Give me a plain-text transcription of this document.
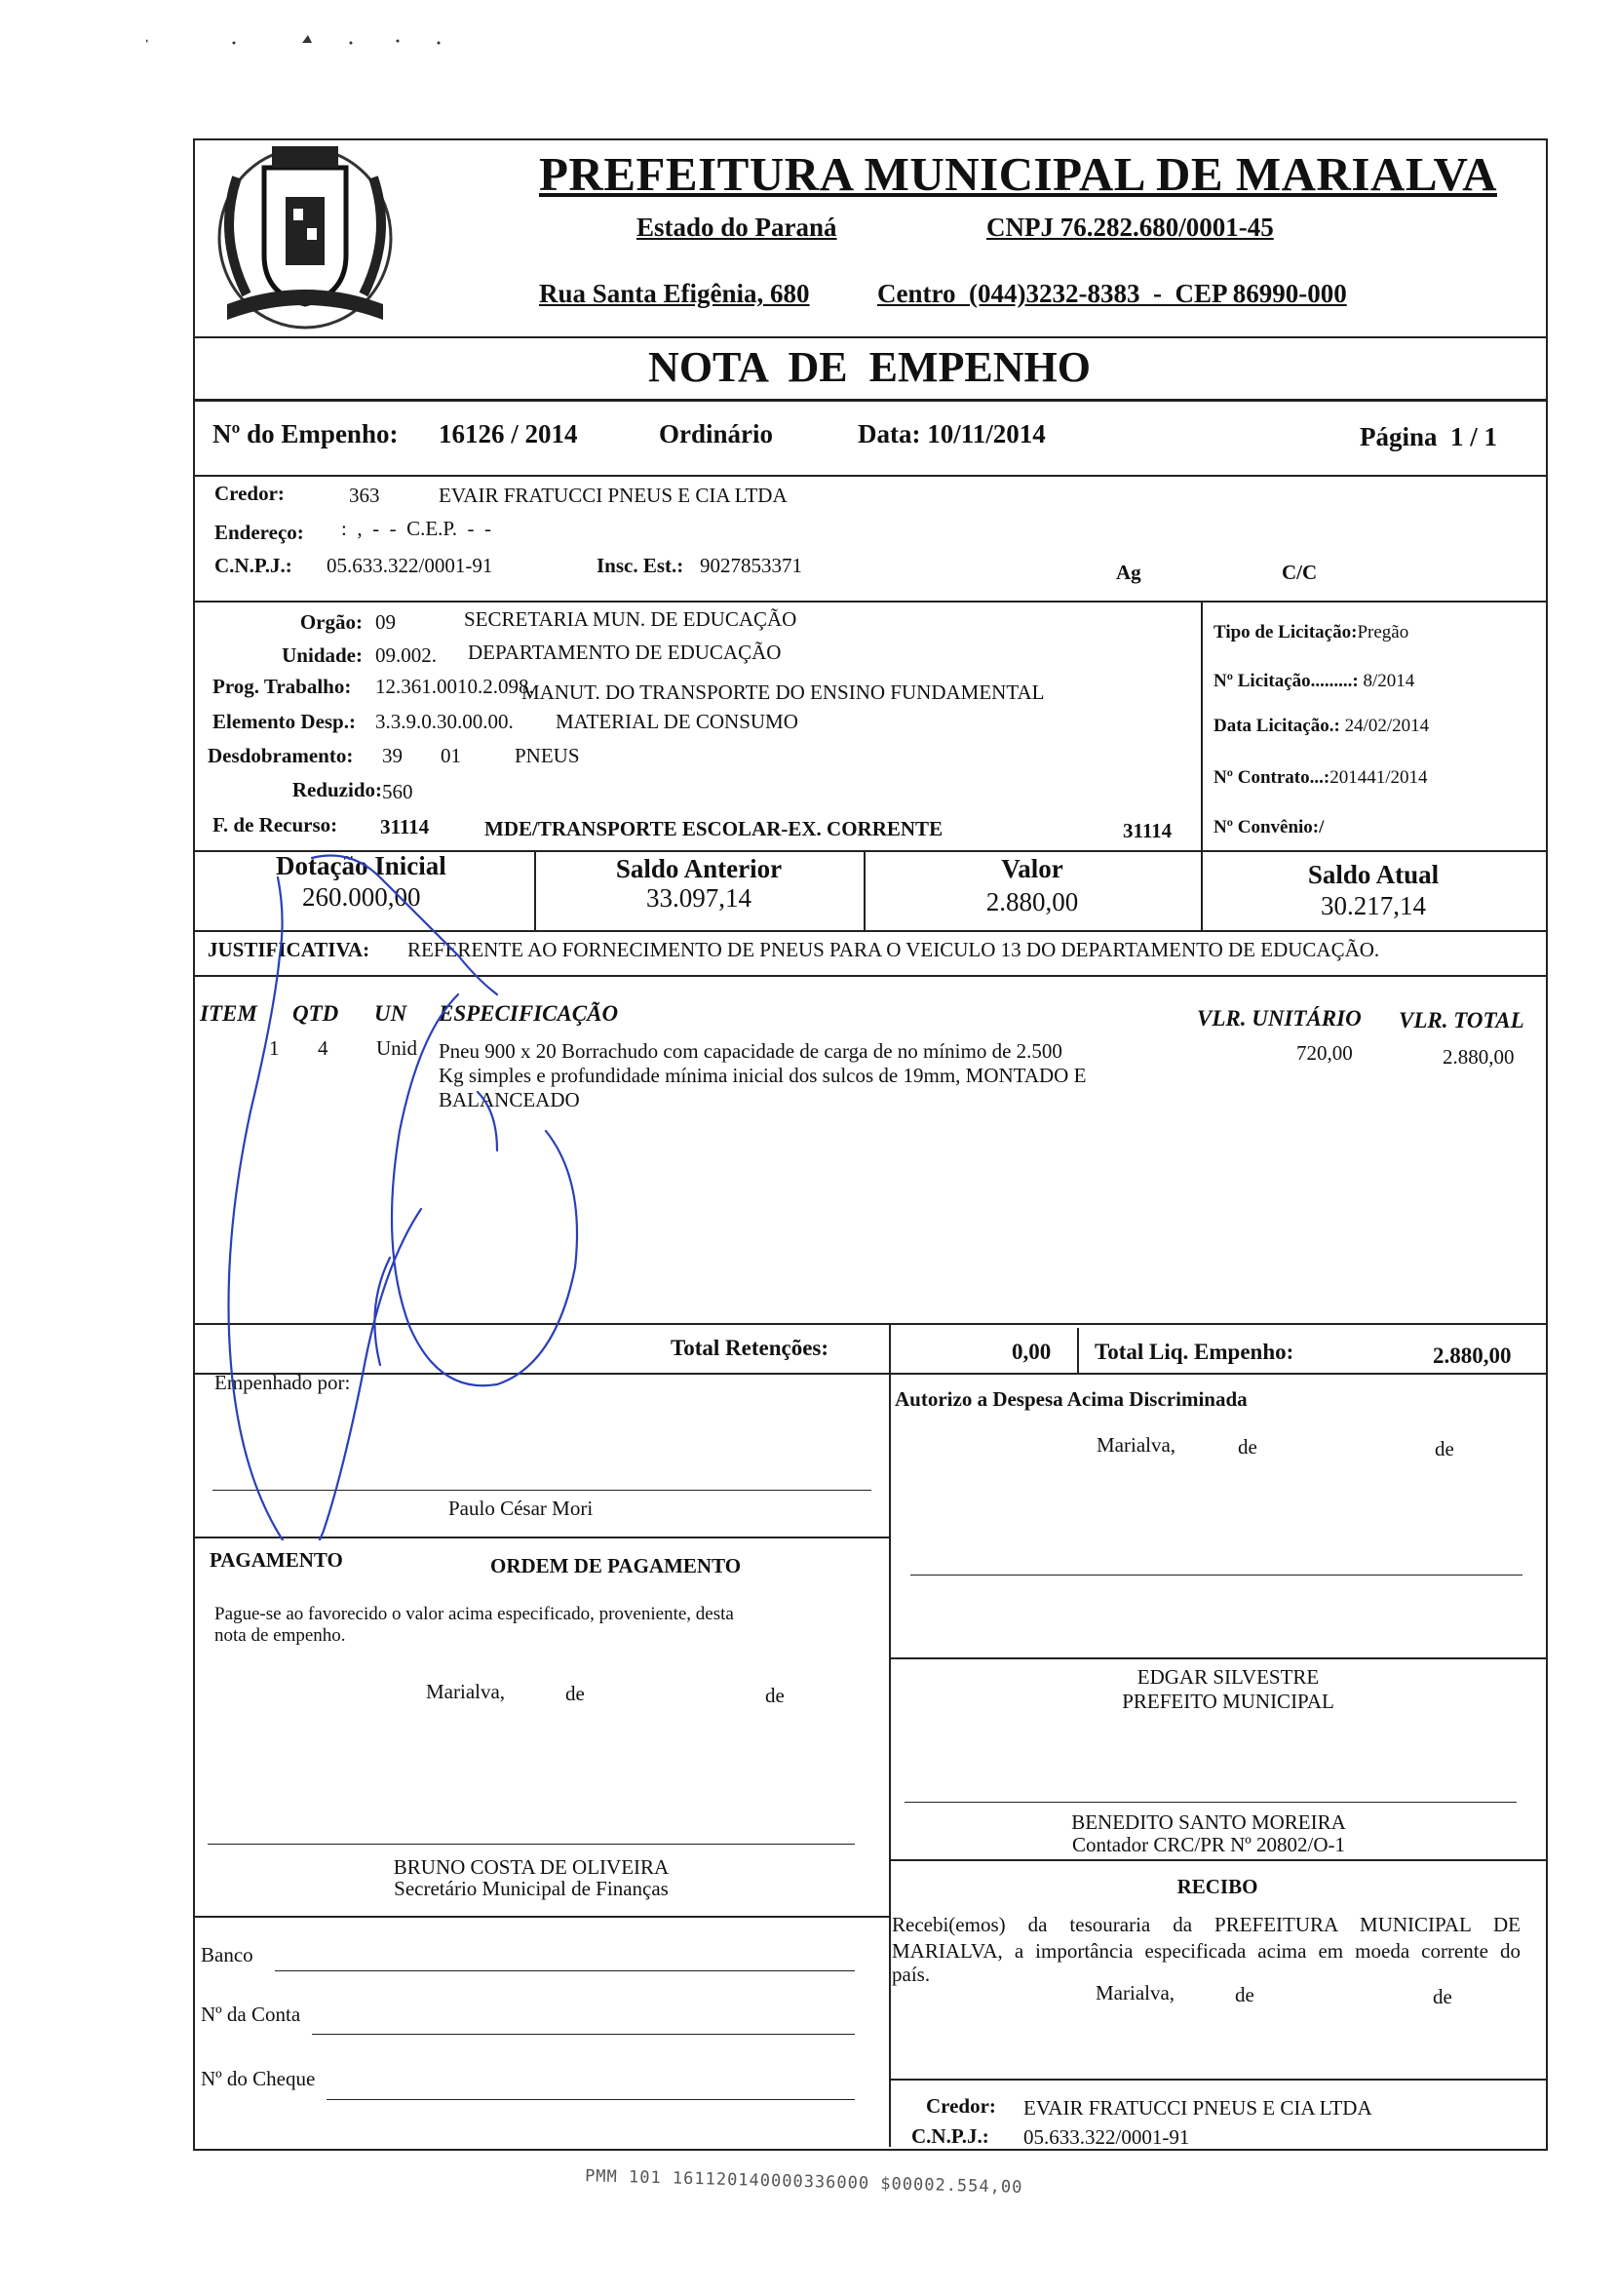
MARIALVA
PREFEITURA MUNICIPAL DE MARIALVA
Estado do Paraná	CNPJ 76.282.680/0001-45
Rua Santa Efigênia, 680	Centro  (044)3232-8383  -  CEP 86990-000
NOTA  DE  EMPENHO
Nº do Empenho: 16126 / 2014	Ordinário	Data: 10/11/2014	Página  1 / 1
Credor:	363	EVAIR FRATUCCI PNEUS E CIA LTDA
Endereço: :  ,  -  -  C.E.P.  -  -
C.N.P.J.: 05.633.322/0001-91	Insc. Est.: 9027853371	Ag	C/C
Orgão: 09	SECRETARIA MUN. DE EDUCAÇÃO
Unidade: 09.002. DEPARTAMENTO DE EDUCAÇÃO
Prog. Trabalho: 12.361.0010.2.098.
MANUT. DO TRANSPORTE DO ENSINO FUNDAMENTAL
Elemento Desp.: 3.3.9.0.30.00.00. MATERIAL DE CONSUMO
Desdobramento: 39 01	PNEUS
Reduzido: 560
F. de Recurso: 31114	MDE/TRANSPORTE ESCOLAR-EX. CORRENTE	31114
Tipo de Licitação:Pregão
Nº Licitação.........: 8/2014
Data Licitação.: 24/02/2014
Nº Contrato...:201441/2014
Nº Convênio:/
Dotação Inicial
260.000,00
Saldo Anterior
33.097,14
Valor
2.880,00
Saldo Atual
30.217,14
JUSTIFICATIVA: REFERENTE AO FORNECIMENTO DE PNEUS PARA O VEICULO 13 DO DEPARTAMENTO DE EDUCAÇÃO.
ITEM QTD UN ESPECIFICAÇÃO	VLR. UNITÁRIO VLR. TOTAL
1 4 Unid Pneu 900 x 20 Borrachudo com capacidade de carga de no mínimo de 2.500
Kg simples e profundidade mínima inicial dos sulcos de 19mm, MONTADO E
BALANCEADO
720,00	2.880,00
Total Retenções:	0,00 Total Liq. Empenho:	2.880,00
Empenhado por:
Paulo César Mori
PAGAMENTO	ORDEM DE PAGAMENTO
Pague-se ao favorecido o valor acima especificado, proveniente, desta
nota de empenho.
Marialva,	de	de
BRUNO COSTA DE OLIVEIRA
Secretário Municipal de Finanças
Banco
Nº da Conta
Nº do Cheque
Autorizo a Despesa Acima Discriminada
Marialva,	de	de
EDGAR SILVESTRE
PREFEITO MUNICIPAL
BENEDITO SANTO MOREIRA
Contador CRC/PR Nº 20802/O-1
RECIBO
Recebi(emos) da tesouraria da PREFEITURA MUNICIPAL DE
MARIALVA, a importância especificada acima em moeda corrente do
país.
Marialva,	de	de
Credor: EVAIR FRATUCCI PNEUS E CIA LTDA
C.N.P.J.: 05.633.322/0001-91
PMM 101 161120140000336000 $00002.554,00
